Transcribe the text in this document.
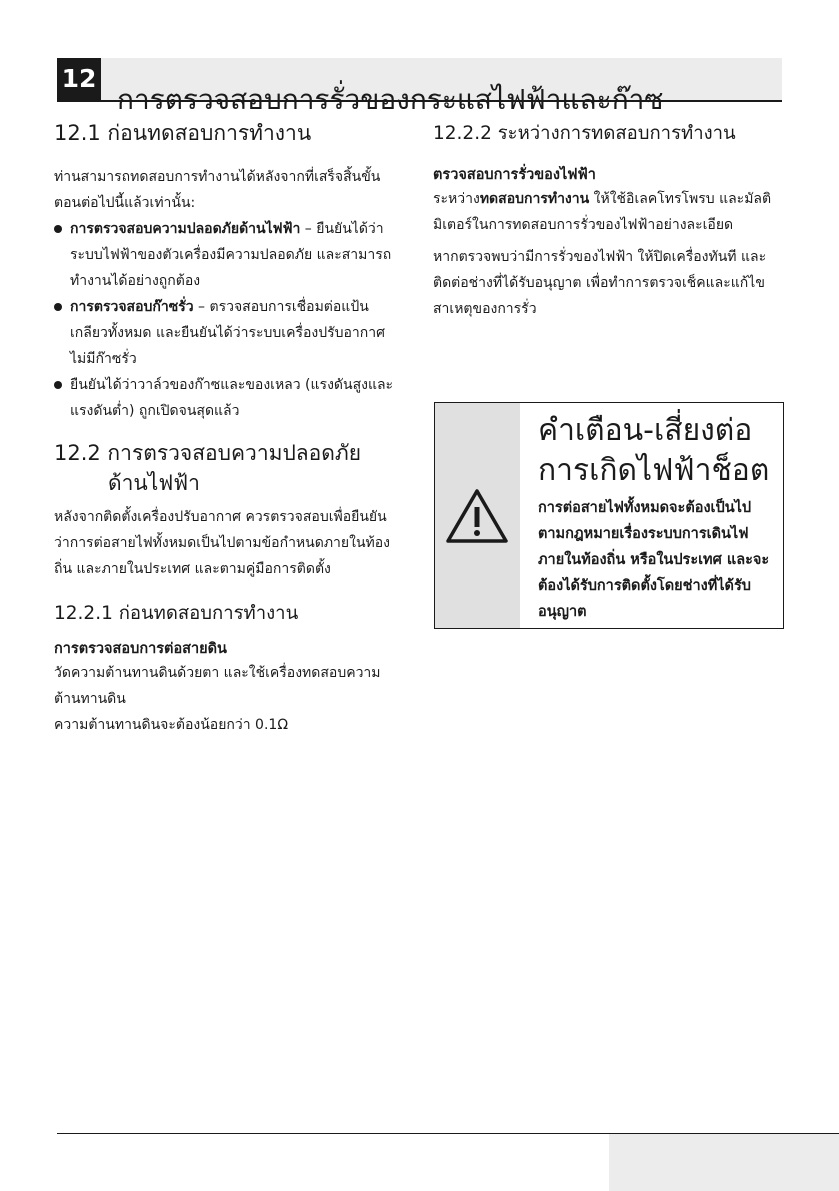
12
การตรวจสอบการรั่วของกระแสไฟฟ้าและก๊าซ
12.1 ก่อนทดสอบการทำงาน

ท่านสามารถทดสอบการทำงานได้หลังจากที่เสร็จสิ้นขั้นตอนต่อไปนี้แล้วเท่านั้น:

การตรวจสอบความปลอดภัยด้านไฟฟ้า – ยืนยันได้ว่าระบบไฟฟ้าของตัวเครื่องมีความปลอดภัย และสามารถทำงานได้อย่างถูกต้อง
การตรวจสอบก๊าซรั่ว – ตรวจสอบการเชื่อมต่อแป้นเกลียวทั้งหมด และยืนยันได้ว่าระบบเครื่องปรับอากาศไม่มีก๊าซรั่ว
ยืนยันได้ว่าวาล์วของก๊าซและของเหลว (แรงดันสูงและแรงดันต่ำ) ถูกเปิดจนสุดแล้ว
12.2 การตรวจสอบความปลอดภัย
ด้านไฟฟ้า

หลังจากติดตั้งเครื่องปรับอากาศ ควรตรวจสอบเพื่อยืนยันว่าการต่อสายไฟทั้งหมดเป็นไปตามข้อกำหนดภายในท้องถิ่น และภายในประเทศ และตามคู่มือการติดตั้ง

12.2.1 ก่อนทดสอบการทำงาน
การตรวจสอบการต่อสายดิน

วัดความต้านทานดินด้วยตา และใช้เครื่องทดสอบความต้านทานดิน

ความต้านทานดินจะต้องน้อยกว่า 0.1Ω

12.2.2 ระหว่างการทดสอบการทำงาน
ตรวจสอบการรั่วของไฟฟ้า

ระหว่างทดสอบการทำงาน ให้ใช้อิเลคโทรโพรบ และมัลติมิเตอร์ในการทดสอบการรั่วของไฟฟ้าอย่างละเอียด

หากตรวจพบว่ามีการรั่วของไฟฟ้า ให้ปิดเครื่องทันที และติดต่อช่างที่ได้รับอนุญาต เพื่อทำการตรวจเช็คและแก้ไขสาเหตุของการรั่ว

คำเตือน-เสี่ยงต่อ
การเกิดไฟฟ้าช็อต
การต่อสายไฟทั้งหมดจะต้องเป็นไปตามกฎหมายเรื่องระบบการเดินไฟภายในท้องถิ่น หรือในประเทศ และจะต้องได้รับการติดตั้งโดยช่างที่ได้รับอนุญาต
